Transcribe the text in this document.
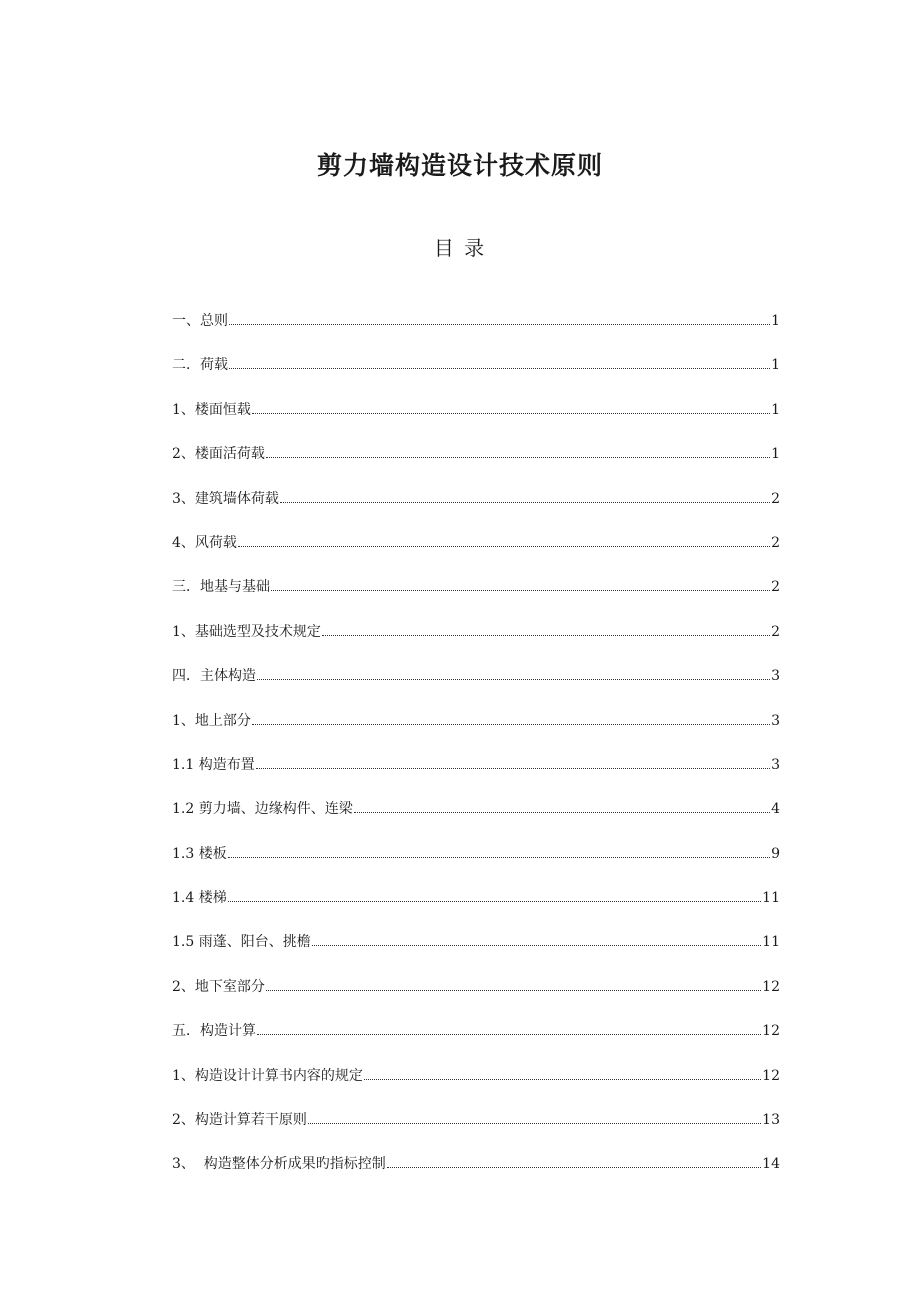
剪力墙构造设计技术原则
目 录
一、总则	1
二．荷载	1
1、楼面恒载	1
2、楼面活荷载	1
3、建筑墙体荷载	2
4、风荷载	2
三．地基与基础	2
1、基础选型及技术规定	2
四．主体构造	3
1、地上部分	3
1.1 构造布置	3
1.2 剪力墙、边缘构件、连梁	4
1.3 楼板	9
1.4 楼梯	11
1.5 雨蓬、阳台、挑檐	11
2、地下室部分	12
五．构造计算	12
1、构造设计计算书内容的规定	12
2、构造计算若干原则	13
3、  构造整体分析成果旳指标控制	14
